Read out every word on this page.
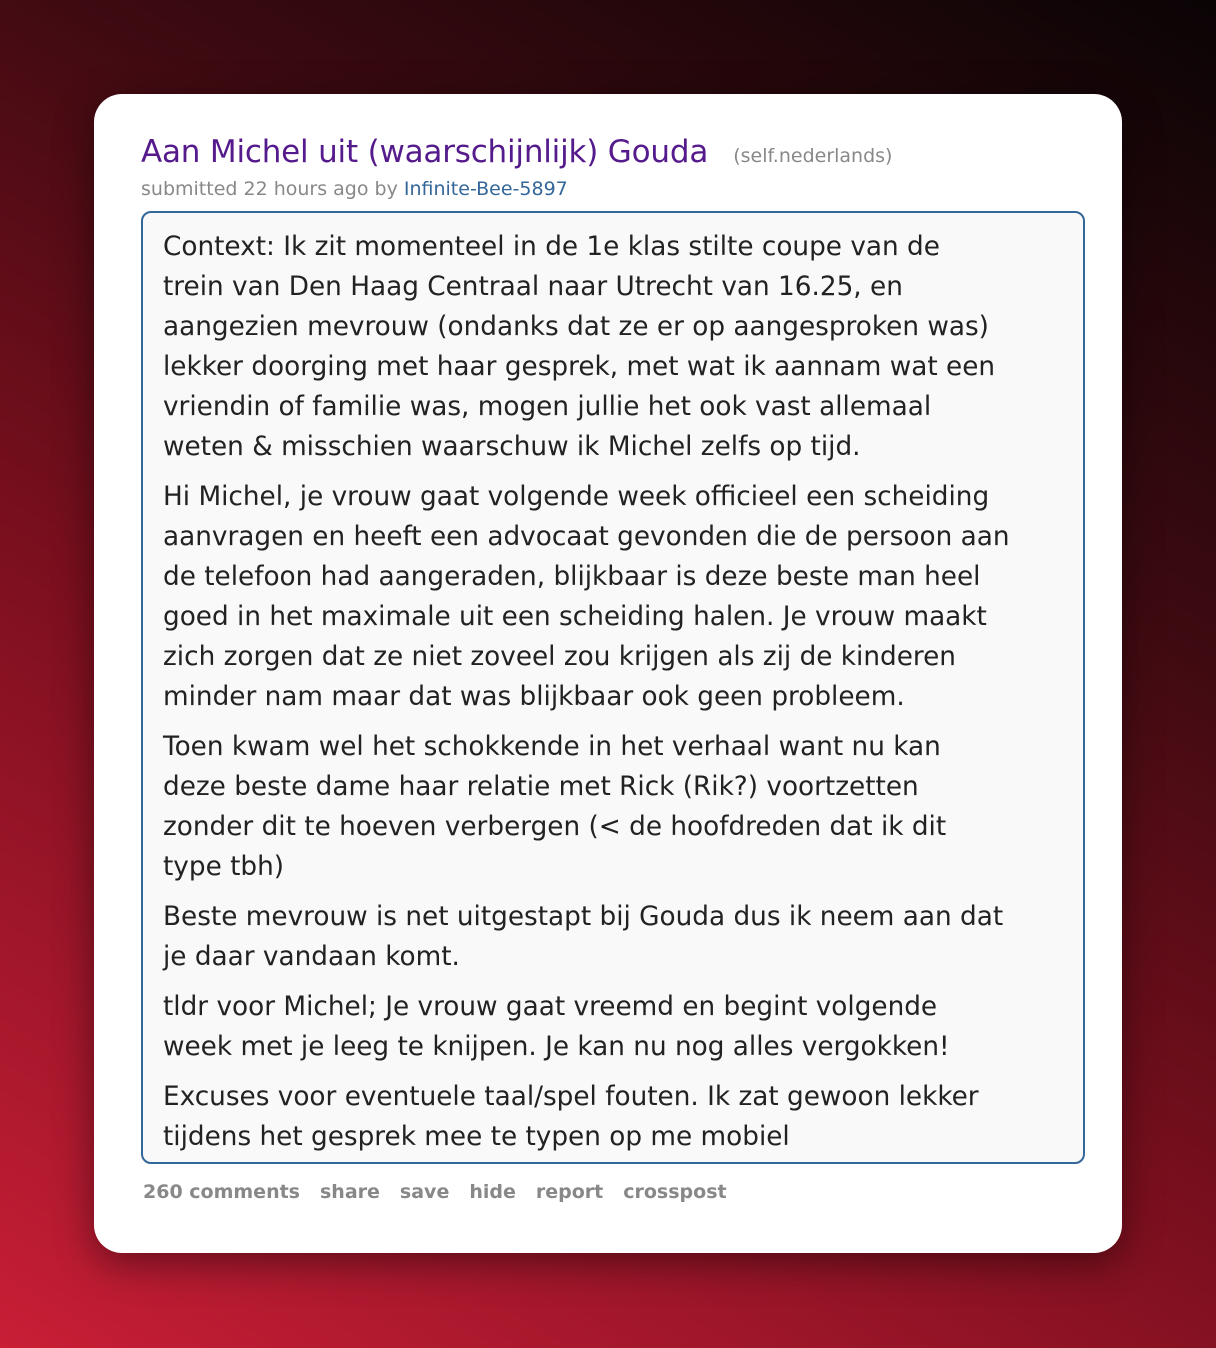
Aan Michel uit (waarschijnlijk) Gouda (self.nederlands)
submitted 22 hours ago by Infinite-Bee-5897
Context: Ik zit momenteel in de 1e klas stilte coupe van de
trein van Den Haag Centraal naar Utrecht van 16.25, en
aangezien mevrouw (ondanks dat ze er op aangesproken was)
lekker doorging met haar gesprek, met wat ik aannam wat een
vriendin of familie was, mogen jullie het ook vast allemaal
weten & misschien waarschuw ik Michel zelfs op tijd.
Hi Michel, je vrouw gaat volgende week officieel een scheiding
aanvragen en heeft een advocaat gevonden die de persoon aan
de telefoon had aangeraden, blijkbaar is deze beste man heel
goed in het maximale uit een scheiding halen. Je vrouw maakt
zich zorgen dat ze niet zoveel zou krijgen als zij de kinderen
minder nam maar dat was blijkbaar ook geen probleem.
Toen kwam wel het schokkende in het verhaal want nu kan
deze beste dame haar relatie met Rick (Rik?) voortzetten
zonder dit te hoeven verbergen (< de hoofdreden dat ik dit
type tbh)
Beste mevrouw is net uitgestapt bij Gouda dus ik neem aan dat
je daar vandaan komt.
tldr voor Michel; Je vrouw gaat vreemd en begint volgende
week met je leeg te knijpen. Je kan nu nog alles vergokken!
Excuses voor eventuele taal/spel fouten. Ik zat gewoon lekker
tijdens het gesprek mee te typen op me mobiel
260 comments share save hide report crosspost
